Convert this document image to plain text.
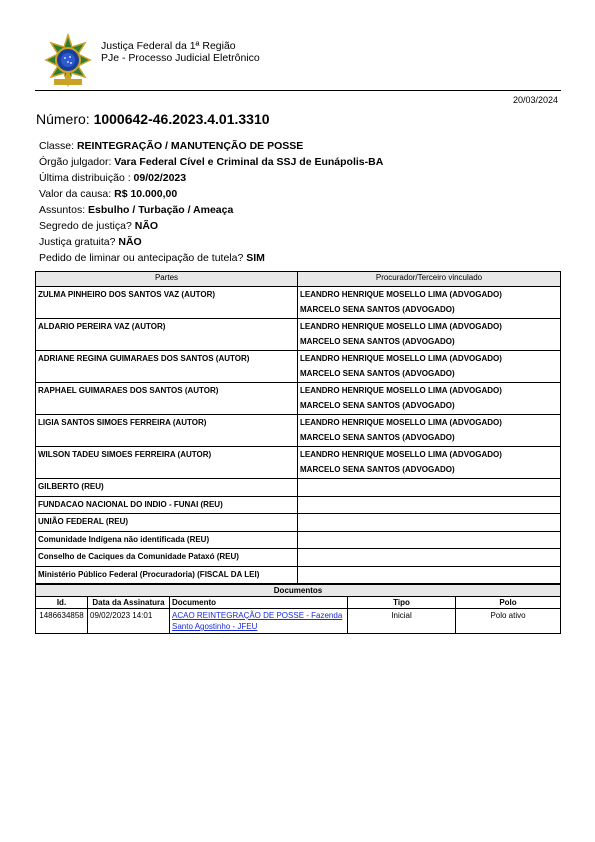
Justiça Federal da 1ª Região
PJe - Processo Judicial Eletrônico
20/03/2024
Número: 1000642-46.2023.4.01.3310
Classe: REINTEGRAÇÃO / MANUTENÇÃO DE POSSE
Órgão julgador: Vara Federal Cível e Criminal da SSJ de Eunápolis-BA
Última distribuição : 09/02/2023
Valor da causa: R$ 10.000,00
Assuntos: Esbulho / Turbação / Ameaça
Segredo de justiça? NÃO
Justiça gratuita? NÃO
Pedido de liminar ou antecipação de tutela? SIM
Partes	Procurador/Terceiro vinculado
ZULMA PINHEIRO DOS SANTOS VAZ (AUTOR)	LEANDRO HENRIQUE MOSELLO LIMA (ADVOGADO)
MARCELO SENA SANTOS (ADVOGADO)

ALDARIO PEREIRA VAZ (AUTOR)	LEANDRO HENRIQUE MOSELLO LIMA (ADVOGADO)
MARCELO SENA SANTOS (ADVOGADO)

ADRIANE REGINA GUIMARAES DOS SANTOS (AUTOR)	LEANDRO HENRIQUE MOSELLO LIMA (ADVOGADO)
MARCELO SENA SANTOS (ADVOGADO)

RAPHAEL GUIMARAES DOS SANTOS (AUTOR)	LEANDRO HENRIQUE MOSELLO LIMA (ADVOGADO)
MARCELO SENA SANTOS (ADVOGADO)

LIGIA SANTOS SIMOES FERREIRA (AUTOR)	LEANDRO HENRIQUE MOSELLO LIMA (ADVOGADO)
MARCELO SENA SANTOS (ADVOGADO)

WILSON TADEU SIMOES FERREIRA (AUTOR)	LEANDRO HENRIQUE MOSELLO LIMA (ADVOGADO)
MARCELO SENA SANTOS (ADVOGADO)

GILBERTO (REU)	
FUNDACAO NACIONAL DO INDIO - FUNAI (REU)	
UNIÃO FEDERAL (REU)	
Comunidade Indígena não identificada (REU)	
Conselho de Caciques da Comunidade Pataxó (REU)	
Ministério Público Federal (Procuradoria) (FISCAL DA LEI)	

Documentos				
Id.	Data da Assinatura	Documento	Tipo	Polo
1486634858	09/02/2023 14:01	ACAO REINTEGRAÇÃO DE POSSE - Fazenda Santo Agostinho - JFEU	Inicial	Polo ativo
